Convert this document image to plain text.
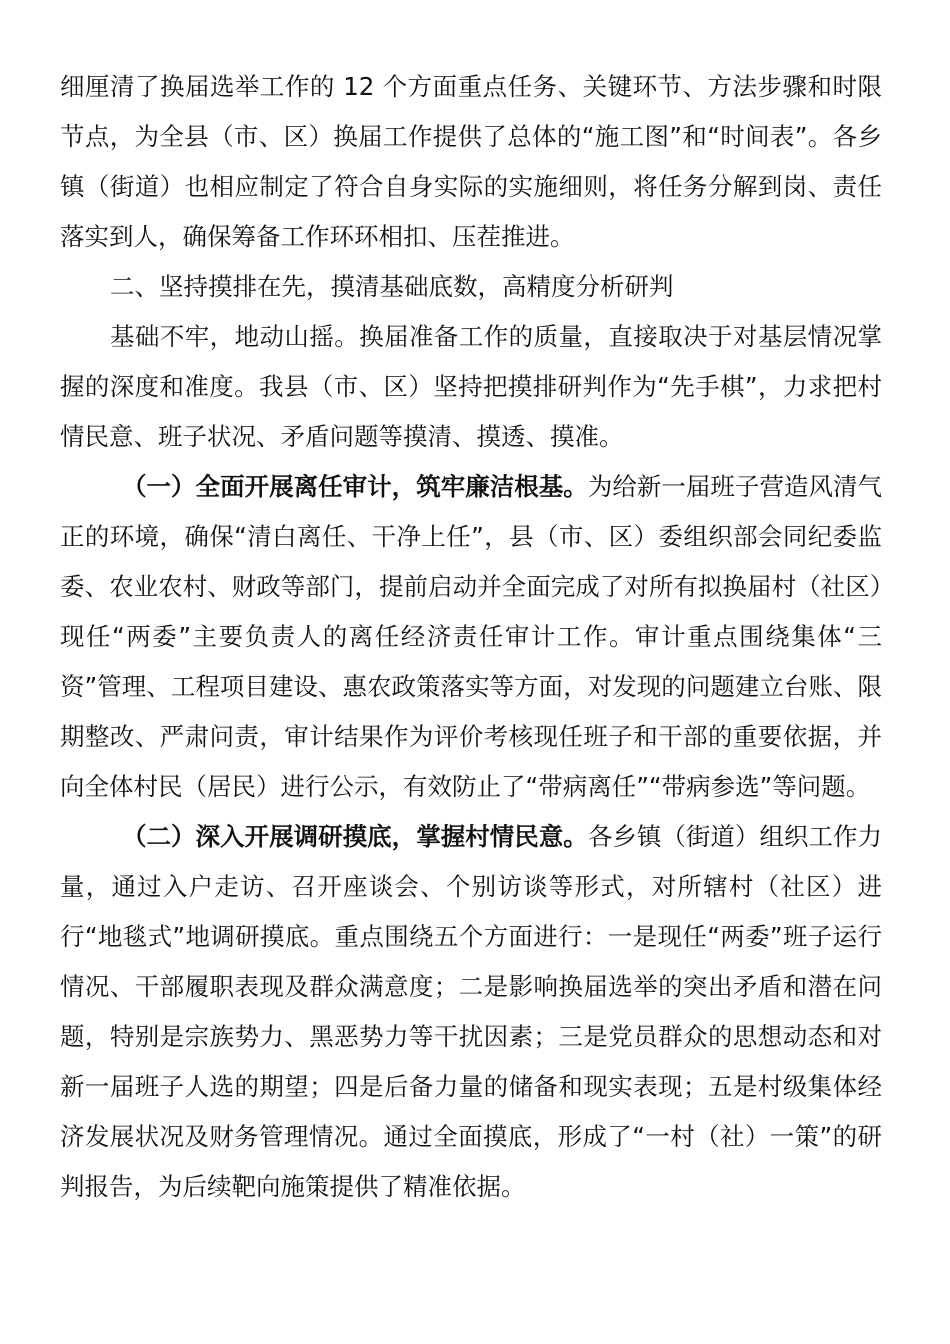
细厘清了换届选举工作的 12 个方面重点任务、关键环节、方法步骤和时限节点，为全县（市、区）换届工作提供了总体的“施工图”和“时间表”。各乡镇（街道）也相应制定了符合自身实际的实施细则，将任务分解到岗、责任落实到人，确保筹备工作环环相扣、压茬推进。

二、坚持摸排在先，摸清基础底数，高精度分析研判

基础不牢，地动山摇。换届准备工作的质量，直接取决于对基层情况掌握的深度和准度。我县（市、区）坚持把摸排研判作为“先手棋”，力求把村情民意、班子状况、矛盾问题等摸清、摸透、摸准。

（一）全面开展离任审计，筑牢廉洁根基。为给新一届班子营造风清气正的环境，确保“清白离任、干净上任”，县（市、区）委组织部会同纪委监委、农业农村、财政等部门，提前启动并全面完成了对所有拟换届村（社区）现任“两委”主要负责人的离任经济责任审计工作。审计重点围绕集体“三资”管理、工程项目建设、惠农政策落实等方面，对发现的问题建立台账、限期整改、严肃问责，审计结果作为评价考核现任班子和干部的重要依据，并向全体村民（居民）进行公示，有效防止了“带病离任”“带病参选”等问题。

（二）深入开展调研摸底，掌握村情民意。各乡镇（街道）组织工作力量，通过入户走访、召开座谈会、个别访谈等形式，对所辖村（社区）进行“地毯式”地调研摸底。重点围绕五个方面进行：一是现任“两委”班子运行情况、干部履职表现及群众满意度；二是影响换届选举的突出矛盾和潜在问题，特别是宗族势力、黑恶势力等干扰因素；三是党员群众的思想动态和对新一届班子人选的期望；四是后备力量的储备和现实表现；五是村级集体经济发展状况及财务管理情况。通过全面摸底，形成了“一村（社）一策”的研判报告，为后续靶向施策提供了精准依据。
